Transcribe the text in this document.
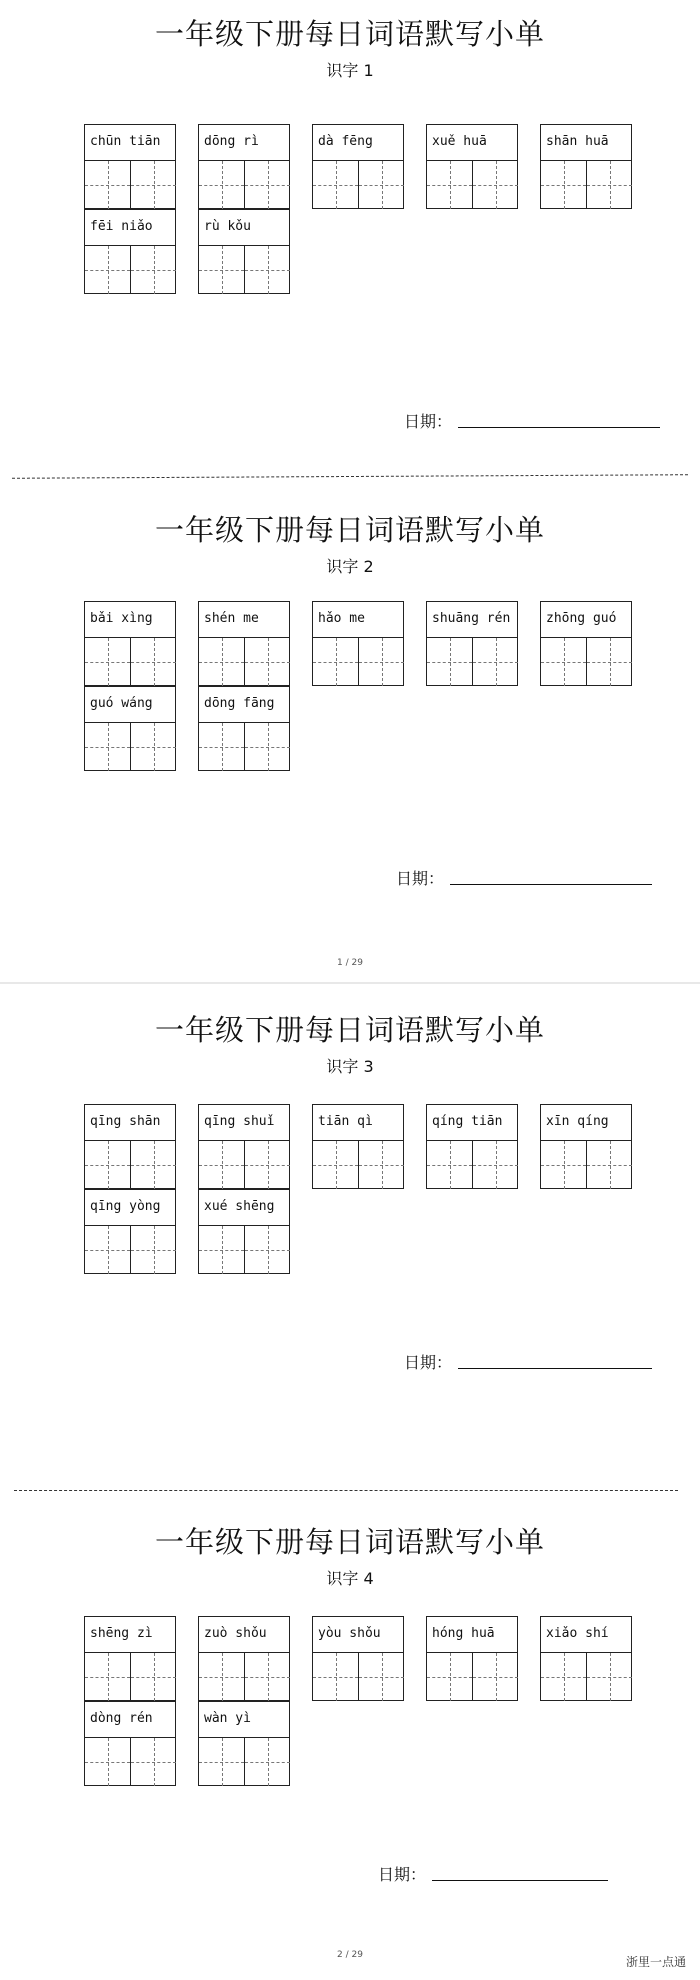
一年级下册每日词语默写小单
识字 1
chūn tiān	dōng rì	dà fēng	xuě huā	shān huā
fēi niǎo	rù kǒu
日期：
一年级下册每日词语默写小单
识字 2
bǎi xìng	shén me	hǎo me	shuāng rén	zhōng guó
guó wáng	dōng fāng
日期：
1 / 29
一年级下册每日词语默写小单
识字 3
qīng shān	qīng shuǐ	tiān qì	qíng tiān	xīn qíng
qīng yòng	xué shēng
日期：
一年级下册每日词语默写小单
识字 4
shēng zì	zuò shǒu	yòu shǒu	hóng huā	xiǎo shí
dòng rén	wàn yì
日期：
2 / 29	浙里一点通
